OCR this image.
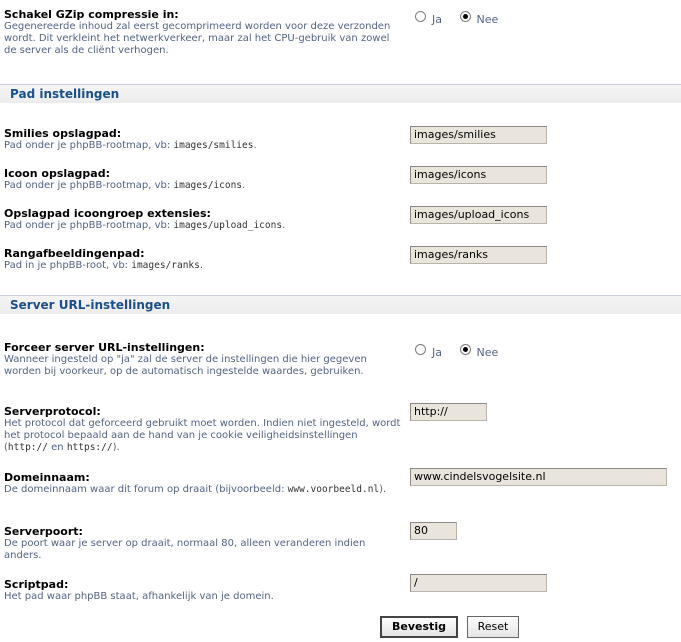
Schakel GZip compressie in:
Gegenereerde inhoud zal eerst gecomprimeerd worden voor deze verzonden wordt. Dit verkleint het netwerkverkeer, maar zal het CPU-gebruik van zowel de server als de cliënt verhogen.
Ja
	Nee
Pad instellingen
Smilies opslagpad:
Pad onder je phpBB-rootmap, vb: images/smilies.
images/smilies
Icoon opslagpad:
Pad onder je phpBB-rootmap, vb: images/icons.
images/icons
Opslagpad icoongroep extensies:
Pad onder je phpBB-rootmap, vb: images/upload_icons.
images/upload_icons
Rangafbeeldingenpad:
Pad in je phpBB-root, vb: images/ranks.
images/ranks
Server URL-instellingen
Forceer server URL-instellingen:
Wanneer ingesteld op "ja" zal de server de instellingen die hier gegeven worden bij voorkeur, op de automatisch ingestelde waardes, gebruiken.
Ja
	Nee
Serverprotocol:
Het protocol dat geforceerd gebruikt moet worden. Indien niet ingesteld, wordt het protocol bepaald aan de hand van je cookie veiligheidsinstellingen (http:// en https://).
http://
Domeinnaam:
De domeinnaam waar dit forum op draait (bijvoorbeeld: www.voorbeeld.nl).
www.cindelsvogelsite.nl
Serverpoort:
De poort waar je server op draait, normaal 80, alleen veranderen indien anders.
80
Scriptpad:
Het pad waar phpBB staat, afhankelijk van je domein.
/
Bevestig	Reset
